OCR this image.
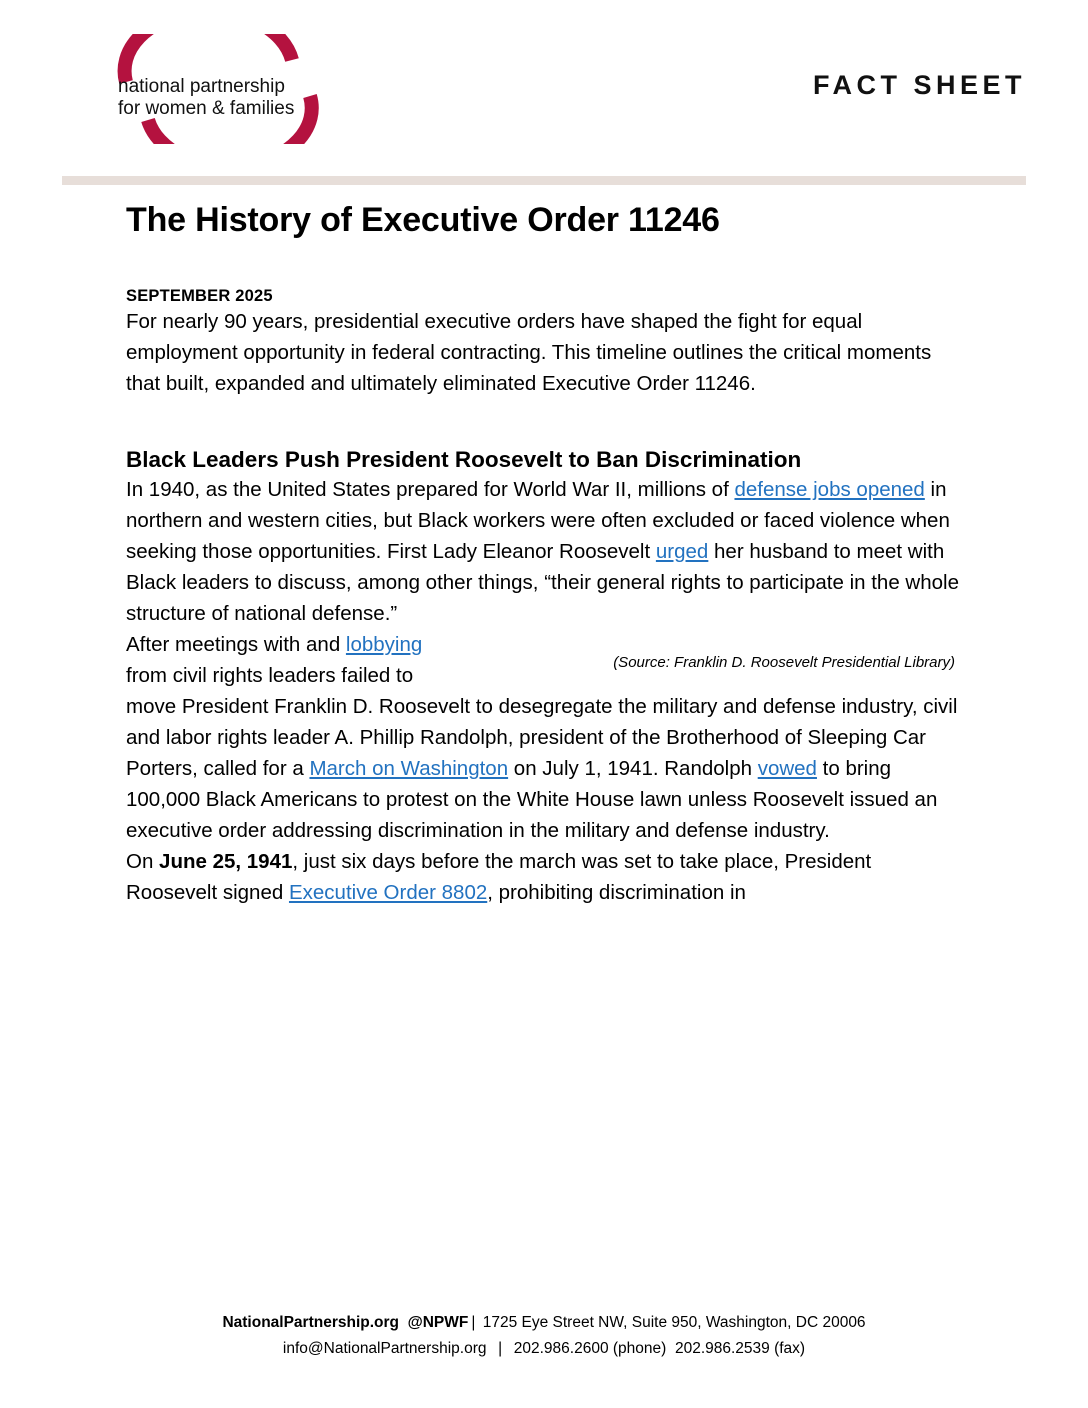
national partnership
for women & families
FACT SHEET
The History of Executive Order 11246
SEPTEMBER 2025

For nearly 90 years, presidential executive orders have shaped the fight for equal employment opportunity in federal contracting. This timeline outlines the critical moments that built, expanded and ultimately eliminated Executive Order 11246.

Black Leaders Push President Roosevelt to Ban Discrimination

In 1940, as the United States prepared for World War II, millions of defense jobs opened in northern and western cities, but Black workers were often excluded or faced violence when seeking those opportunities. First Lady Eleanor Roosevelt urged her husband to meet with Black leaders to discuss, among other things, “their general rights to participate in the whole structure of national defense.”

(Source: Franklin D. Roosevelt Presidential Library)
After meetings with and lobbying from civil rights leaders failed to move President Franklin D. Roosevelt to desegregate the military and defense industry, civil and labor rights leader A. Phillip Randolph, president of the Brotherhood of Sleeping Car Porters, called for a March on Washington on July 1, 1941. Randolph vowed to bring 100,000 Black Americans to protest on the White House lawn unless Roosevelt issued an executive order addressing discrimination in the military and defense industry.

On June 25, 1941, just six days before the march was set to take place, President Roosevelt signed Executive Order 8802, prohibiting discrimination in

NationalPartnership.org @NPWF | 1725 Eye Street NW, Suite 950, Washington, DC 20006
info@NationalPartnership.org | 202.986.2600 (phone) 202.986.2539 (fax)
